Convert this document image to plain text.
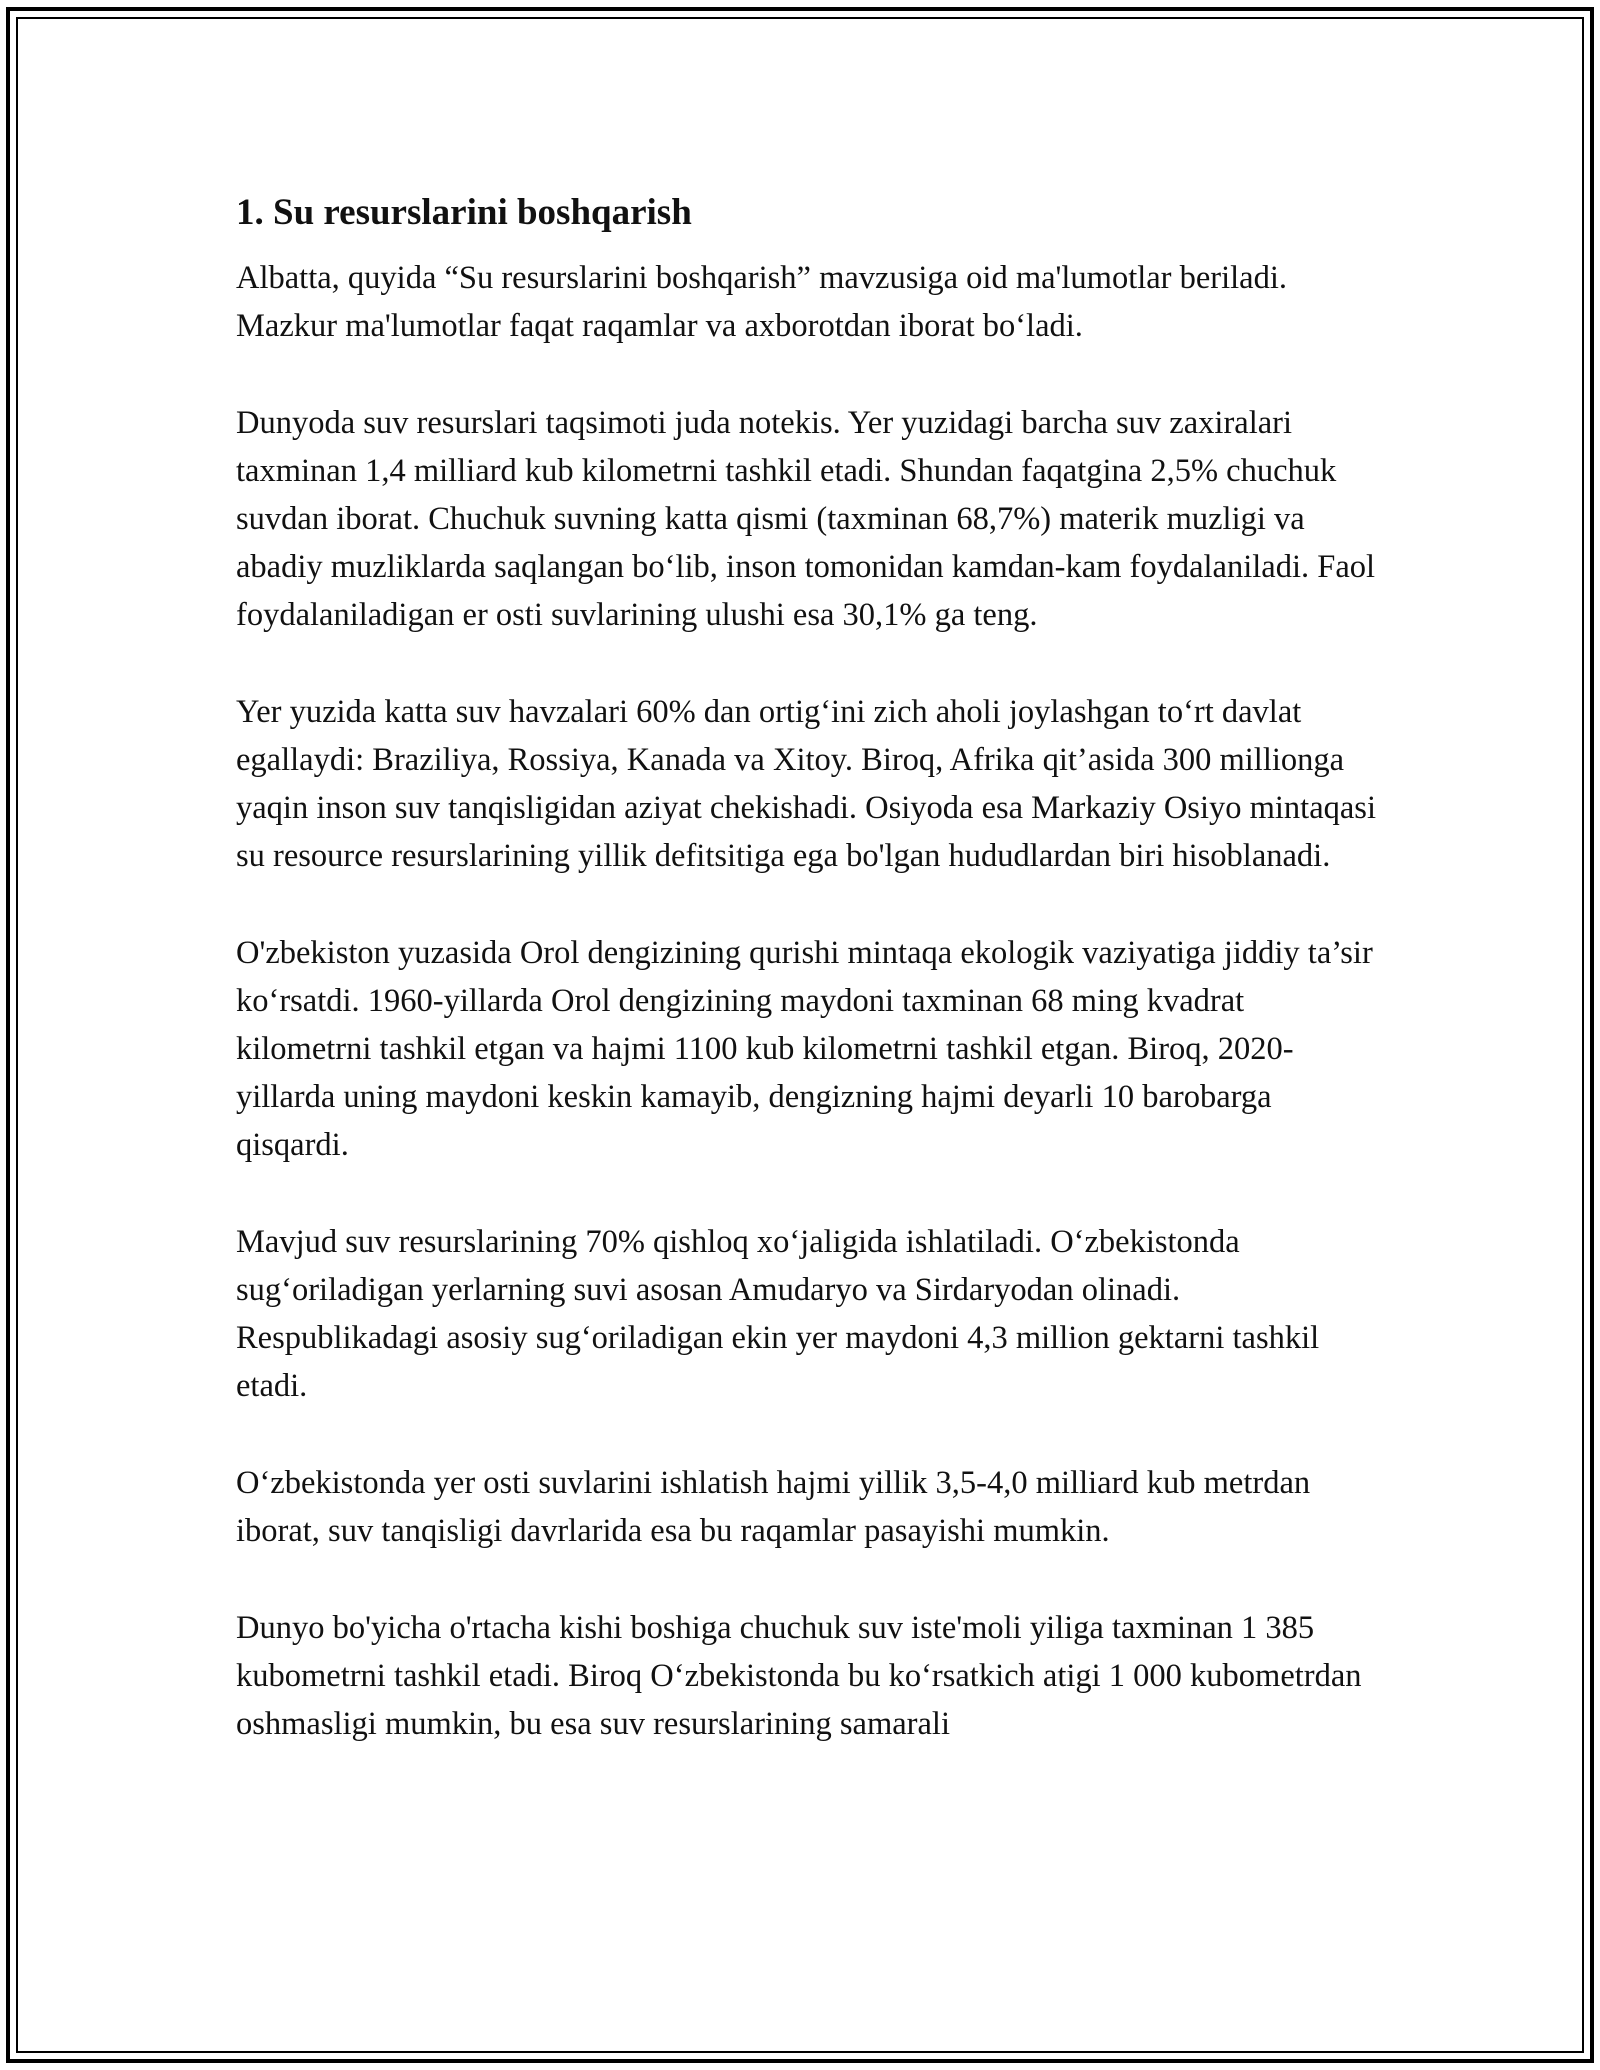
1. Su resurslarini boshqarish

Albatta, quyida “Su resurslarini boshqarish” mavzusiga oid ma'lumotlar beriladi. Mazkur ma'lumotlar faqat raqamlar va axborotdan iborat bo‘ladi.

Dunyoda suv resurslari taqsimoti juda notekis. Yer yuzidagi barcha suv zaxiralari taxminan 1,4 milliard kub kilometrni tashkil etadi. Shundan faqatgina 2,5% chuchuk suvdan iborat. Chuchuk suvning katta qismi (taxminan 68,7%) materik muzligi va abadiy muzliklarda saqlangan bo‘lib, inson tomonidan kamdan-kam foydalaniladi. Faol foydalaniladigan er osti suvlarining ulushi esa 30,1% ga teng.

Yer yuzida katta suv havzalari 60% dan ortig‘ini zich aholi joylashgan to‘rt davlat egallaydi: Braziliya, Rossiya, Kanada va Xitoy. Biroq, Afrika qit’asida 300 millionga yaqin inson suv tanqisligidan aziyat chekishadi. Osiyoda esa Markaziy Osiyo mintaqasi su resource resurslarining yillik defitsitiga ega bo'lgan hududlardan biri hisoblanadi.

O'zbekiston yuzasida Orol dengizining qurishi mintaqa ekologik vaziyatiga jiddiy ta’sir ko‘rsatdi. 1960-yillarda Orol dengizining maydoni taxminan 68 ming kvadrat kilometrni tashkil etgan va hajmi 1100 kub kilometrni tashkil etgan. Biroq, 2020-yillarda uning maydoni keskin kamayib, dengizning hajmi deyarli 10 barobarga qisqardi.

Mavjud suv resurslarining 70% qishloq xo‘jaligida ishlatiladi. O‘zbekistonda sug‘oriladigan yerlarning suvi asosan Amudaryo va Sirdaryodan olinadi. Respublikadagi asosiy sug‘oriladigan ekin yer maydoni 4,3 million gektarni tashkil etadi.

O‘zbekistonda yer osti suvlarini ishlatish hajmi yillik 3,5-4,0 milliard kub metrdan iborat, suv tanqisligi davrlarida esa bu raqamlar pasayishi mumkin.

Dunyo bo'yicha o'rtacha kishi boshiga chuchuk suv iste'moli yiliga taxminan 1 385 kubometrni tashkil etadi. Biroq O‘zbekistonda bu ko‘rsatkich atigi 1 000 kubometrdan oshmasligi mumkin, bu esa suv resurslarining samarali
